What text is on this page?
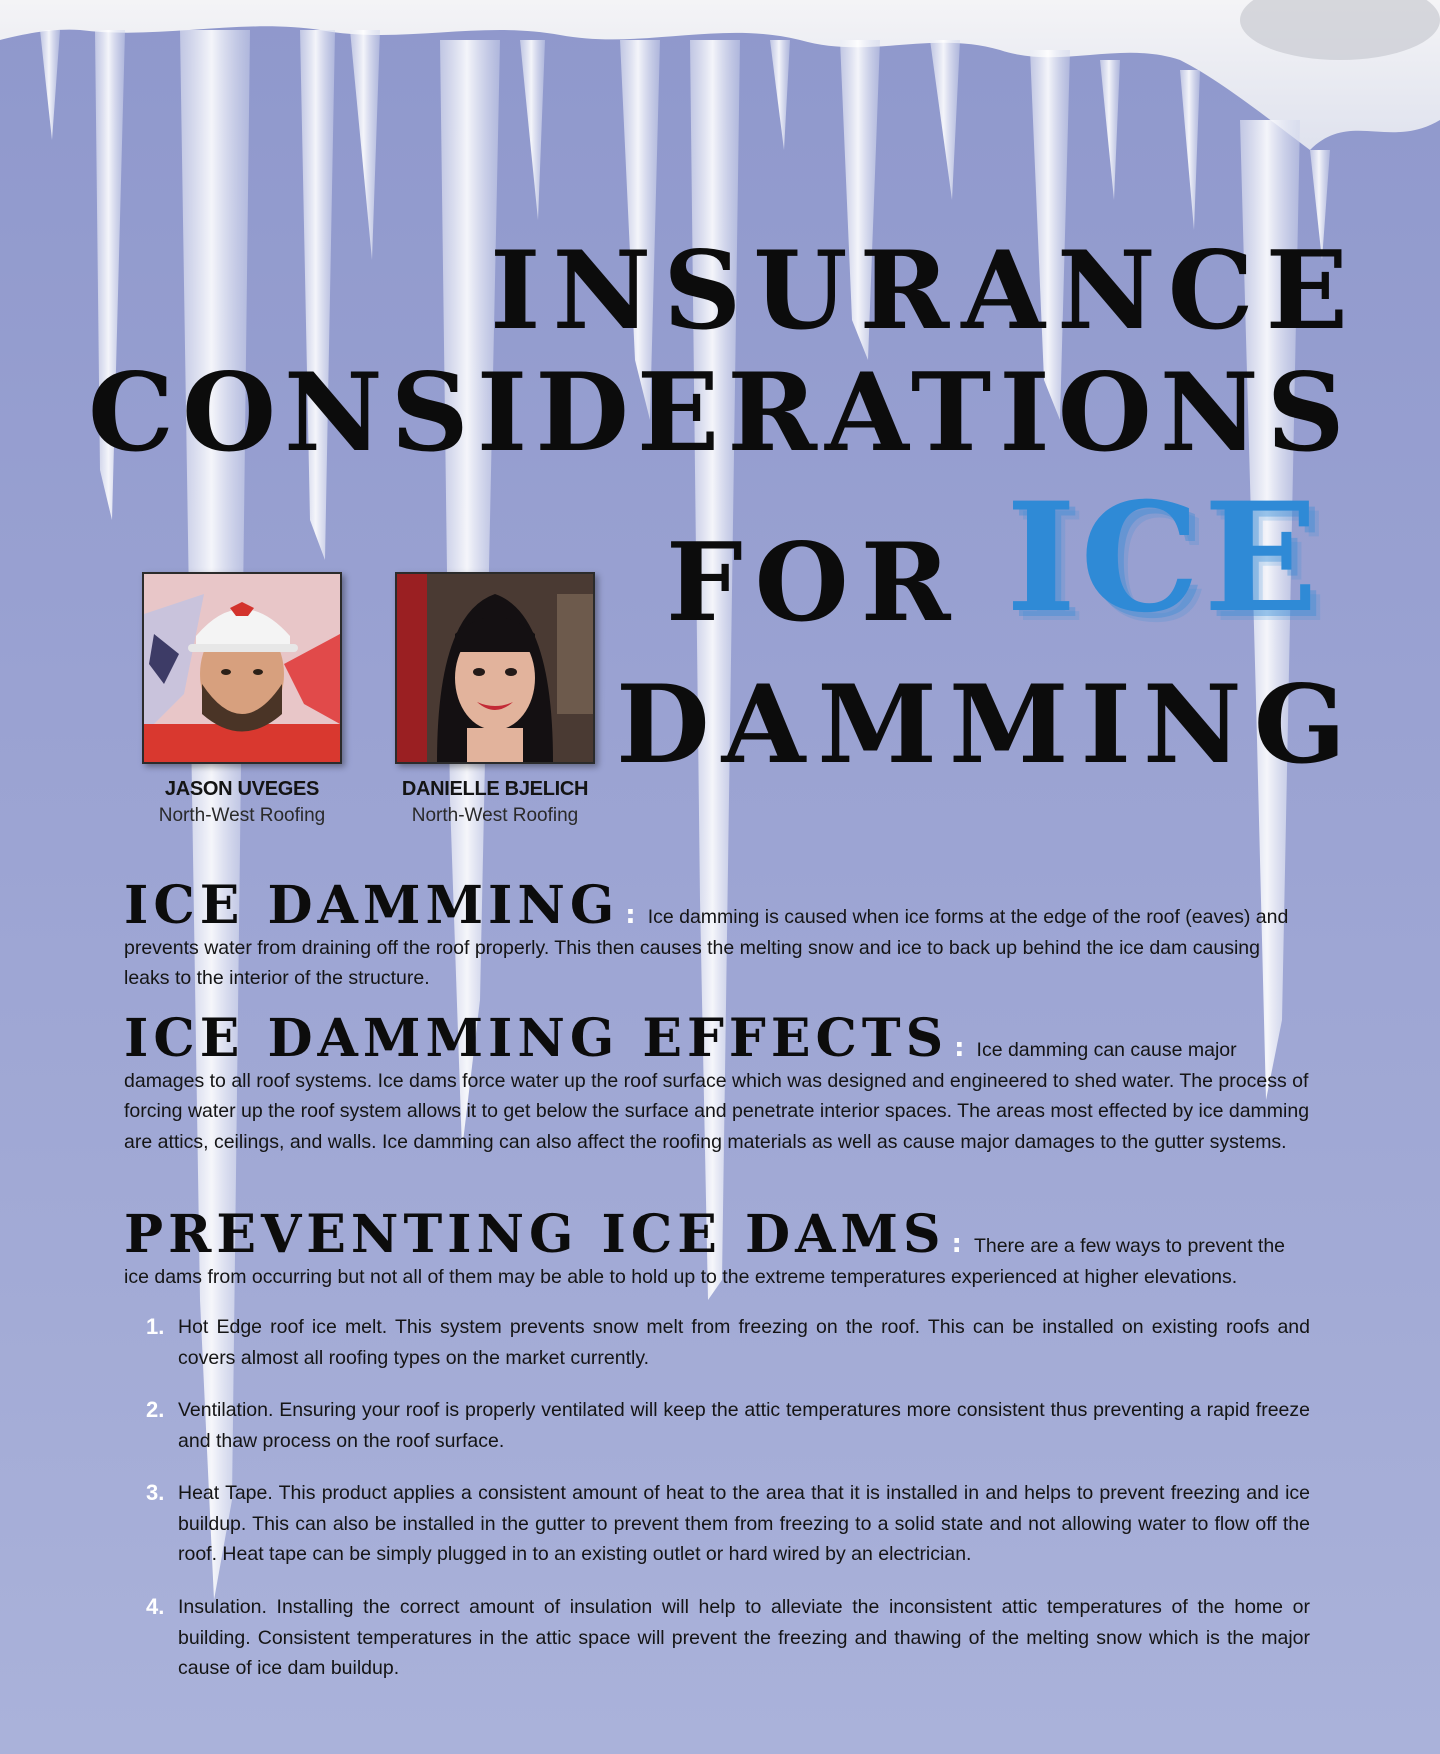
INSURANCE
CONSIDERATIONS
FOR ICE
DAMMING
JASON UVEGES
North-West Roofing
DANIELLE BJELICH
North-West Roofing

ICE DAMMING : Ice damming is caused when ice forms at the edge of the roof (eaves) and prevents water from draining off the roof properly. This then causes the melting snow and ice to back up behind the ice dam causing leaks to the interior of the structure.

ICE DAMMING EFFECTS : Ice damming can cause major damages to all roof systems. Ice dams force water up the roof surface which was designed and engineered to shed water. The process of forcing water up the roof system allows it to get below the surface and penetrate interior spaces. The areas most effected by ice damming are attics, ceilings, and walls. Ice damming can also affect the roofing materials as well as cause major damages to the gutter systems.

PREVENTING ICE DAMS : There are a few ways to prevent the ice dams from occurring but not all of them may be able to hold up to the extreme temperatures experienced at higher elevations.

1. Hot Edge roof ice melt. This system prevents snow melt from freezing on the roof. This can be installed on existing roofs and covers almost all roofing types on the market currently.

2. Ventilation. Ensuring your roof is properly ventilated will keep the attic temperatures more consistent thus preventing a rapid freeze and thaw process on the roof surface.

3. Heat Tape. This product applies a consistent amount of heat to the area that it is installed in and helps to prevent freezing and ice buildup. This can also be installed in the gutter to prevent them from freezing to a solid state and not allowing water to flow off the roof. Heat tape can be simply plugged in to an existing outlet or hard wired by an electrician.

4. Insulation. Installing the correct amount of insulation will help to alleviate the inconsistent attic temperatures of the home or building. Consistent temperatures in the attic space will prevent the freezing and thawing of the melting snow which is the major cause of ice dam buildup.
